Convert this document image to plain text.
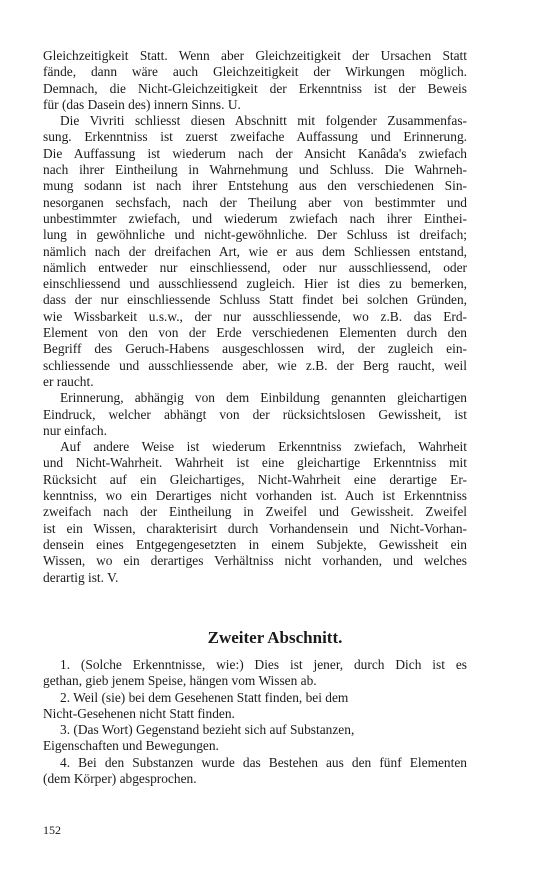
Gleichzeitigkeit Statt. Wenn aber Gleichzeitigkeit der Ursachen Statt
fände, dann wäre auch Gleichzeitigkeit der Wirkungen möglich.
Demnach, die Nicht-Gleichzeitigkeit der Erkenntniss ist der Beweis
für (das Dasein des) innern Sinns. U.
Die Vivriti schliesst diesen Abschnitt mit folgender Zusammenfas-
sung. Erkenntniss ist zuerst zweifache Auffassung und Erinnerung.
Die Auffassung ist wiederum nach der Ansicht Kanâda's zwiefach
nach ihrer Eintheilung in Wahrnehmung und Schluss. Die Wahrneh-
mung sodann ist nach ihrer Entstehung aus den verschiedenen Sin-
nesorganen sechsfach, nach der Theilung aber von bestimmter und
unbestimmter zwiefach, und wiederum zwiefach nach ihrer Einthei-
lung in gewöhnliche und nicht-gewöhnliche. Der Schluss ist dreifach;
nämlich nach der dreifachen Art, wie er aus dem Schliessen entstand,
nämlich entweder nur einschliessend, oder nur ausschliessend, oder
einschliessend und ausschliessend zugleich. Hier ist dies zu bemerken,
dass der nur einschliessende Schluss Statt findet bei solchen Gründen,
wie Wissbarkeit u.s.w., der nur ausschliessende, wo z.B. das Erd-
Element von den von der Erde verschiedenen Elementen durch den
Begriff des Geruch-Habens ausgeschlossen wird, der zugleich ein-
schliessende und ausschliessende aber, wie z.B. der Berg raucht, weil
er raucht.
Erinnerung, abhängig von dem Einbildung genannten gleichartigen
Eindruck, welcher abhängt von der rücksichtslosen Gewissheit, ist
nur einfach.
Auf andere Weise ist wiederum Erkenntniss zwiefach, Wahrheit
und Nicht-Wahrheit. Wahrheit ist eine gleichartige Erkenntniss mit
Rücksicht auf ein Gleichartiges, Nicht-Wahrheit eine derartige Er-
kenntniss, wo ein Derartiges nicht vorhanden ist. Auch ist Erkenntniss
zweifach nach der Eintheilung in Zweifel und Gewissheit. Zweifel
ist ein Wissen, charakterisirt durch Vorhandensein und Nicht-Vorhan-
densein eines Entgegengesetzten in einem Subjekte, Gewissheit ein
Wissen, wo ein derartiges Verhältniss nicht vorhanden, und welches
derartig ist. V.
Zweiter Abschnitt.
1. (Solche Erkenntnisse, wie:) Dies ist jener, durch Dich ist es
gethan, gieb jenem Speise, hängen vom Wissen ab.
2. Weil (sie) bei dem Gesehenen Statt finden, bei dem
Nicht-Gesehenen nicht Statt finden.
3. (Das Wort) Gegenstand bezieht sich auf Substanzen,
Eigenschaften und Bewegungen.
4. Bei den Substanzen wurde das Bestehen aus den fünf Elementen
(dem Körper) abgesprochen.
152
